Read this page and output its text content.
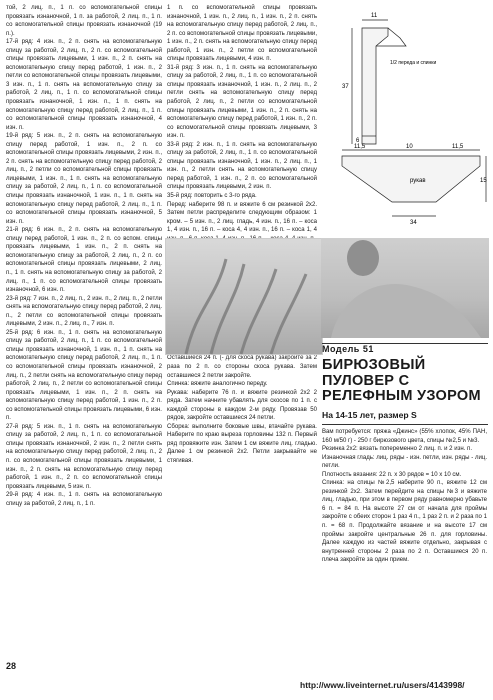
той, 2 лиц. п., 1 п. со вспомогательной спицы провязать изнаночной, 1 п. за работой, 2 лиц. п., 1 п. со вспомогательной спицы провязать изнаночной (19 п.).
17-й ряд: 4 изн. п., 2 п. снять на вспомогательную спицу за работой, 2 лиц. п., 2 п. со вспомогательной спицы провязать лицевыми, 1 изн. п., 2 п. снять на вспомогательную спицу перед работой, 1 изн. п., 2 петли со вспомогательной спицы провязать лицевыми, 3 изн. п., 1 п. снять на вспомогательную спицу за работой, 2 лиц. п., 1 п. со вспомогательной спицы провязать изнаночной, 1 изн. п., 1 п. снять на вспомогательную спицу перед работой, 2 лиц. п., 1 п. со вспомогательной спицы провязать изнаночной, 4 изн. п.
19-й ряд: 5 изн. п., 2 п. снять на вспомогательную спицу перед работой, 1 изн. п., 2 п. со вспомогательной спицы провязать лицевыми, 2 изн. п., 2 п. снять на вспомогательную спицу перед работой, 2 лиц. п., 2 петли со вспомогательной спицы провязать лицевыми, 1 изн. п., 1 п. снять на вспомогательную спицу за работой, 2 лиц. п., 1 п. со вспомогательной спицы провязать изнаночной, 1 изн. п., 1 п. снять на вспомогательную спицу перед работой, 2 лиц. п., 1 п. со вспомогательной спицы провязать изнаночной, 5 изн. п.
21-й ряд: 6 изн. п., 2 п. снять на вспомогательную спицу перед работой, 1 изн. п., 2 п. со вспом. спицы провязать лицевыми, 1 изн. п., 2 п. снять на вспомогательную спицу за работой, 2 лиц. п., 2 п. со вспомогательной спицы провязать лицевыми, 2 лиц. п., 1 п. снять на вспомогательную спицу за работой, 2 лиц. п., 1 п. со вспомогательной спицы провязать изнаночной, 6 изн. п.
23-й ряд: 7 изн. п., 2 лиц. п., 2 изн. п., 2 лиц. п., 2 петли снять на вспомогательную спицу перед работой, 2 лиц. п., 2 петли со вспомогательной спицы провязать лицевыми, 2 изн. п., 2 лиц. п., 7 изн. п.
25-й ряд: 6 изн. п., 1 п. снять на вспомогательную спицу за работой, 2 лиц. п., 1 п. со вспомогательной спицы провязать изнаночной, 1 изн. п., 1 п. снять на вспомогательную спицу перед работой, 2 лиц. п., 1 п. со вспомогательной спицы провязать изнаночной, 2 лиц. п., 2 петли снять на вспомогательную спицу перед работой, 2 лиц. п., 2 петли со вспомогательной спицы провязать лицевыми, 1 изн. п., 2 п. снять на вспомогательную спицу перед работой, 1 изн. п., 2 п. со вспомогательной спицы провязать лицевыми, 6 изн. п.
27-й ряд: 5 изн. п., 1 п. снять на вспомогательную спицу за работой, 2 лиц. п., 1 п. со вспомогательной спицы провязать изнаночной, 2 изн. п., 2 петли снять на вспомогательную спицу перед работой, 2 лиц. п., 2 п. со вспомогательной спицы провязать лицевыми, 1 изн. п., 2 п. снять на вспомогательную спицу перед работой, 1 изн. п., 2 п. со вспомогательной спицы провязать лицевыми, 5 изн. п.
29-й ряд: 4 изн. п., 1 п. снять на вспомогательную спицу за работой, 2 лиц. п., 1 п.
1 п. со вспомогательной спицы провязать изнаночной, 1 изн. п., 2 лиц. п., 1 изн. п., 2 п. снять на вспомогательную спицу перед работой, 2 лиц. п., 2 п. со вспомогательной спицы провязать лицевыми, 1 изн. п., 2 п. снять на вспомогательную спицу перед работой, 1 изн. п., 2 петли со вспомогательной спицы провязать лицевыми, 4 изн. п.
31-й ряд: 3 изн. п., 1 п. снять на вспомогательную спицу за работой, 2 лиц. п., 1 п. со вспомогательной спицы провязать изнаночной, 1 изн. п., 2 лиц. п., 2 петли снять на вспомогательную спицу перед работой, 2 лиц. п., 2 петли со вспомогательной спицы провязать лицевыми, 1 изн. п., 2 п. снять на вспомогательную спицу перед работой, 1 изн. п., 2 п. со вспомогательной спицы провязать лицевыми, 3 изн. п.
33-й ряд: 2 изн. п., 1 п. снять на вспомогательную спицу за работой, 2 лиц. п., 1 п. со вспомогательной спицы провязать изнаночной, 1 изн. п., 2 лиц. п., 1 изн. п., 2 петли снять на вспомогательную спицу перед работой, 1 изн. п., 2 п. со вспомогательной спицы провязать лицевыми, 2 изн. п.
35-й ряд: повторить с 3-го ряда.
Перед: наберите 98 п. и вяжите 6 см резинкой 2х2. Затем петли распределите следующим образом: 1 кром. – 5 изн. п., 2 лиц. гладь, 4 изн. п., 16 п. – коса 1, 4 изн. п., 16 п. – коса 4, 4 изн. п., 16 п. – коса 1, 4                                                                                                                                           Оставшиеся 24 п. (- для скоса рукава) закройте за 2 раза по 2 п. со стороны скоса рукава. Затем оставшиеся 2 петли закройте.
Спинка: вяжите аналогично переду.
Рукава: наберите 76 п. и вяжите резинкой 2х2 2 ряда. Затем начните убавлять для скосов по 1 п. с каждой стороны в каждом 2-м ряду. Провязав 50 рядов, закройте оставшиеся 24 петли.
Сборка: выполните боковые швы, втачайте рукава. Наберите по краю выреза горловины 132 п. Первый ряд провяжите изн. Затем 1 см вяжите лиц. гладью. Далее 1 см резинкой 2х2. Петли закрывайте не стягивая.
11
37
6
1/2 переда и спинки
11,5	10	11,5
рукав	15
34
Модель 51
БИРЮЗОВЫЙ ПУЛОВЕР С РЕЛЕФНЫМ УЗОРОМ
На 14-15 лет, размер S
Вам потребуется: пряжа «Джинс» (55% хлопок, 45% ПАН, 160 м/50 г) - 250 г бирюзового цвета, спицы №2,5 и №3.
Резинка 2х2: вязать попеременно 2 лиц. п. и 2 изн. п.
Изнаночная гладь: лиц. ряды - изн. петли, изн. ряды - лиц. петли.
Плотность вязания: 22 п. х 30 рядов = 10 х 10 см.
Спинка: на спицы №2,5 наберите 90 п., вяжите 12 см резинкой 2х2. Затем перейдите на спицы №3 и вяжите лиц. гладью, при этом в первом ряду равномерно убавьте 6 п. = 84 п. На высоте 27 см от начала для проймы закройте с обеих сторон 1 раз 4 п., 1 раз 2 п. и 2 раза по 1 п. = 68 п. Продолжайте вязание и на высоте 17 см проймы закройте центральные 26 п. для горловины. Далее каждую из частей вяжите отдельно, закрывая с внутренней стороны 2 раза по 2 п. Оставшиеся 20 п. плеча закройте за один прием.
28
http://www.liveinternet.ru/users/4143998/
